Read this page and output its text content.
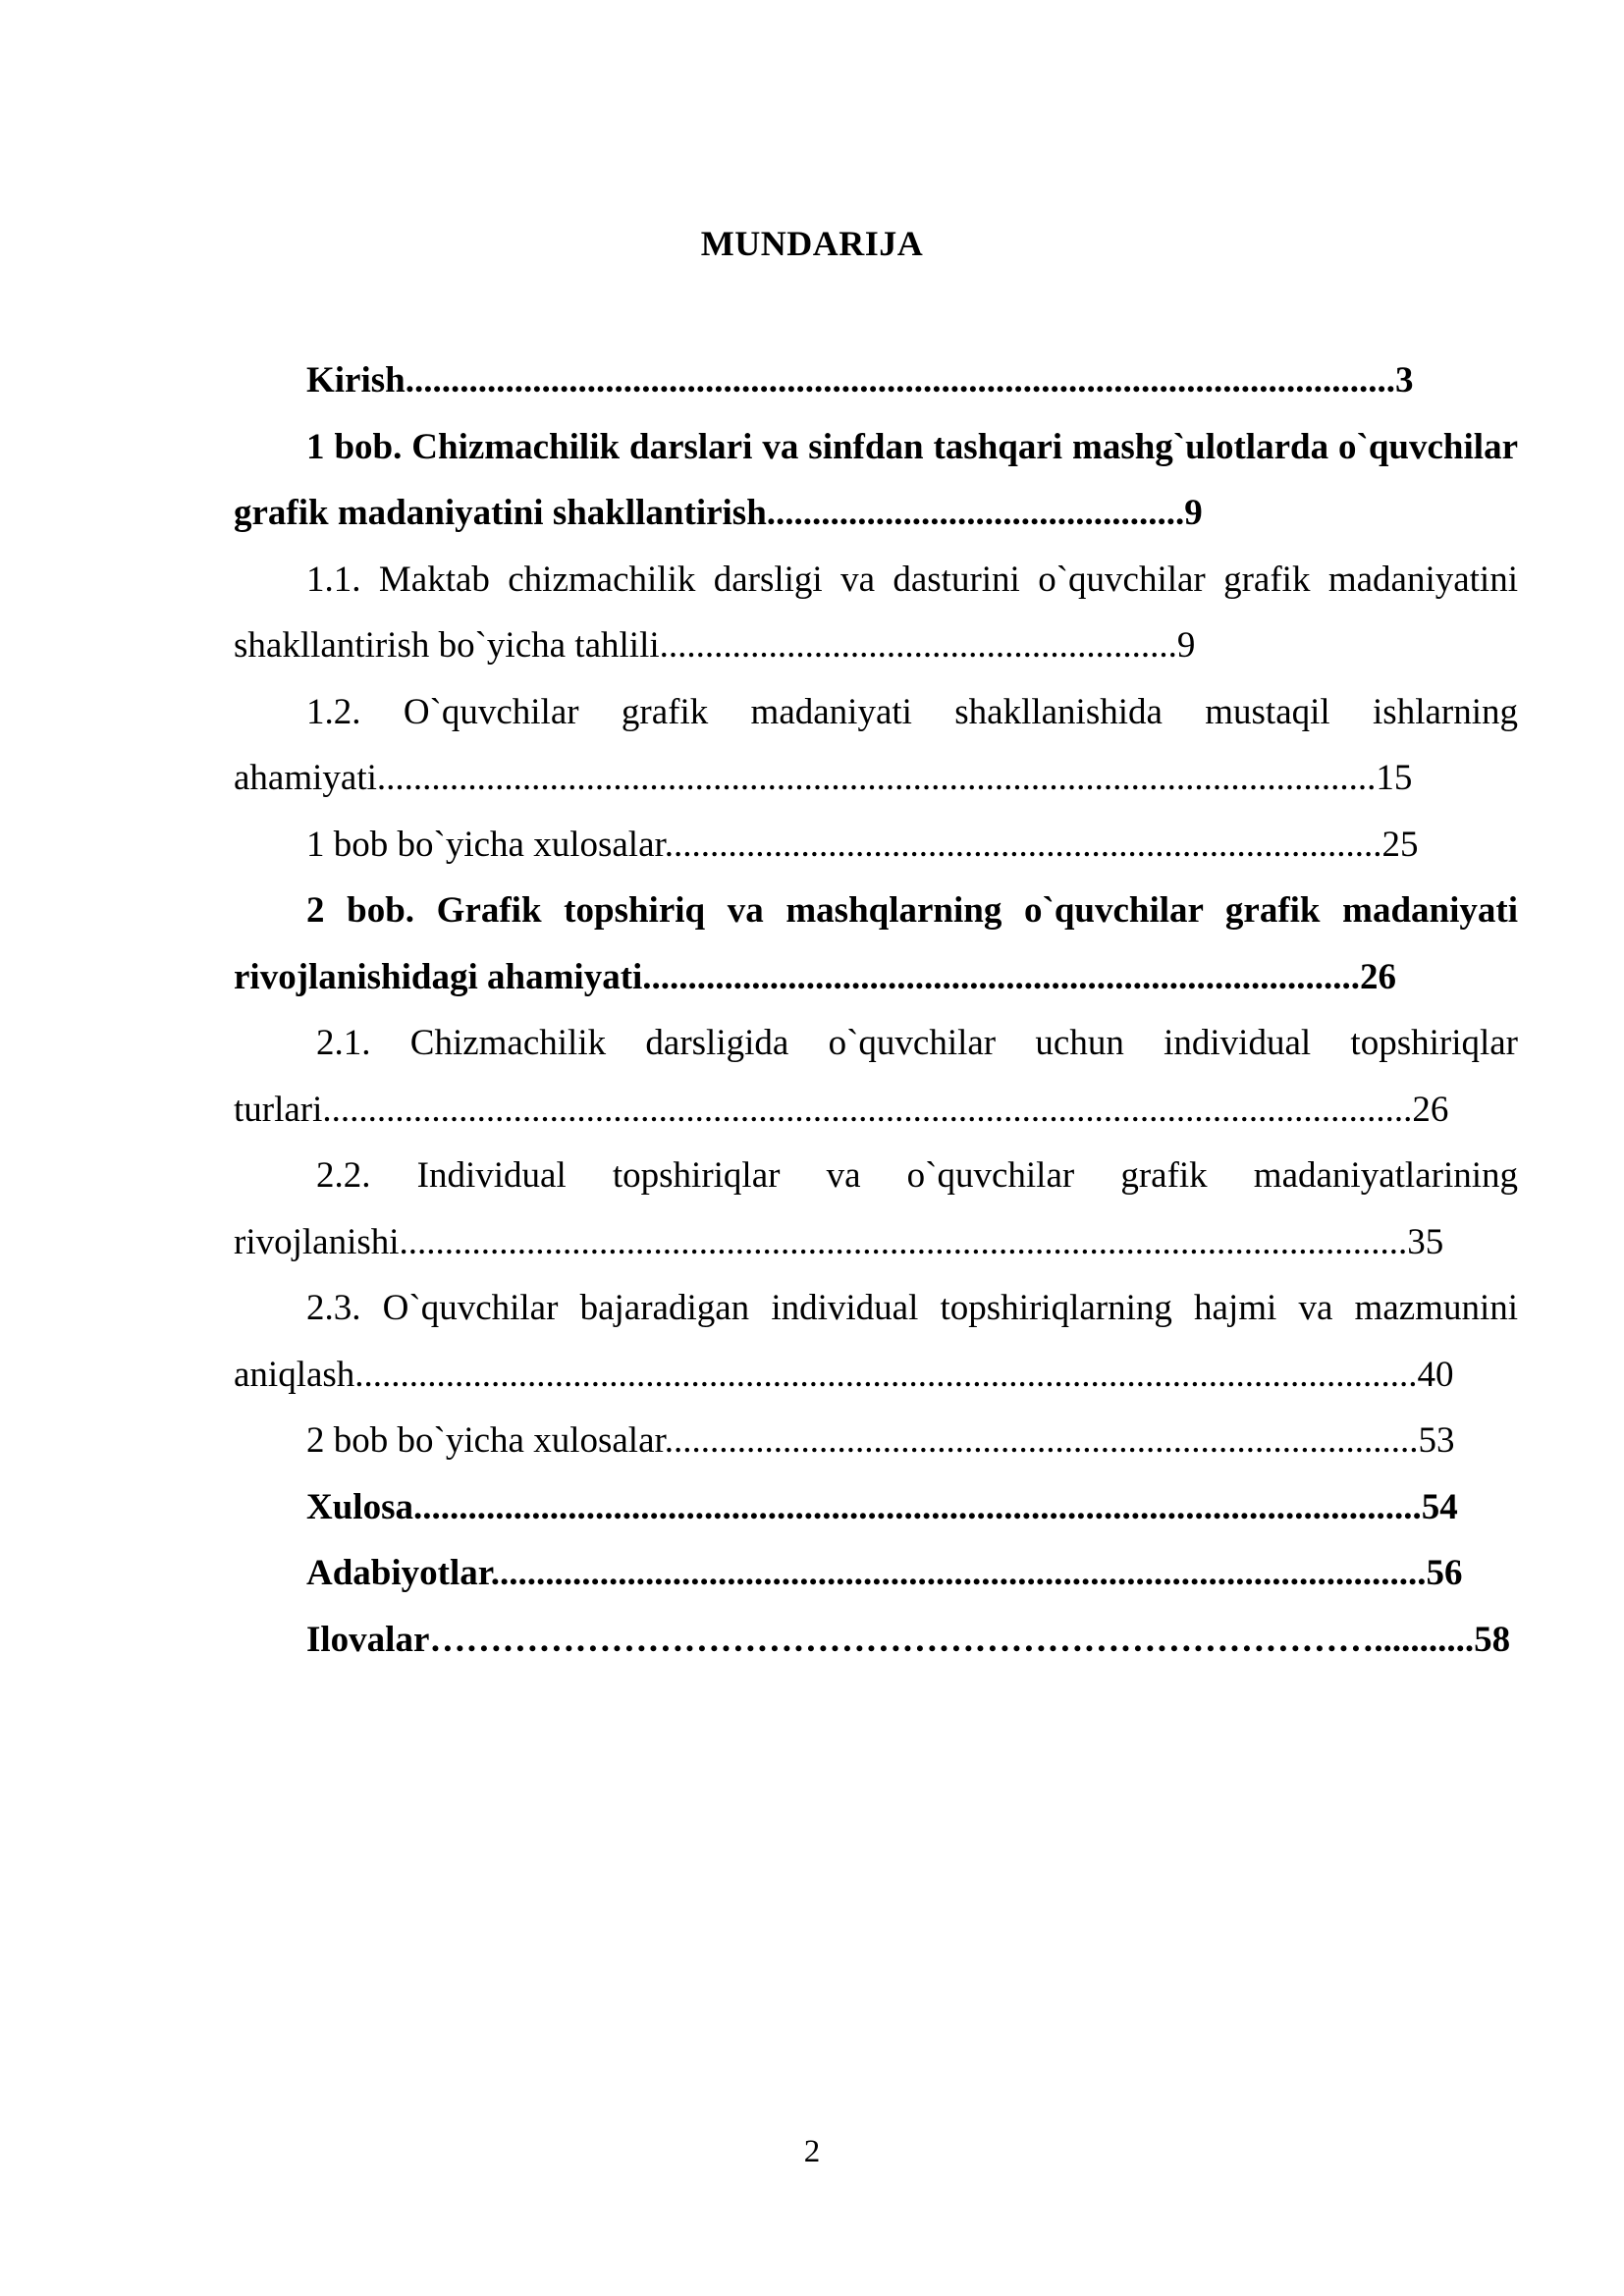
MUNDARIJA

Kirish.............................................................................................................3

1 bob. Chizmachilik darslari va sinfdan tashqari mashg`ulotlarda o`quvchilar grafik madaniyatini shakllantirish..............................................9

1.1. Maktab chizmachilik darsligi va dasturini o`quvchilar grafik madaniyatini shakllantirish bo`yicha tahlili.........................................................9

1.2. O`quvchilar grafik madaniyati shakllanishida mustaqil ishlarning ahamiyati..............................................................................................................15

1 bob bo`yicha xulosalar...............................................................................25

2 bob. Grafik topshiriq va mashqlarning o`quvchilar grafik madaniyati rivojlanishidagi ahamiyati...............................................................................26

2.1. Chizmachilik darsligida o`quvchilar uchun individual topshiriqlar turlari........................................................................................................................26

2.2. Individual topshiriqlar va o`quvchilar grafik madaniyatlarining rivojlanishi...............................................................................................................35

2.3. O`quvchilar bajaradigan individual topshiriqlarning hajmi va mazmunini aniqlash.....................................................................................................................40

2 bob bo`yicha xulosalar...................................................................................53

Xulosa...............................................................................................................54

Adabiyotlar.......................................................................................................56

Ilovalar……………………………………………………………………...........58

2
